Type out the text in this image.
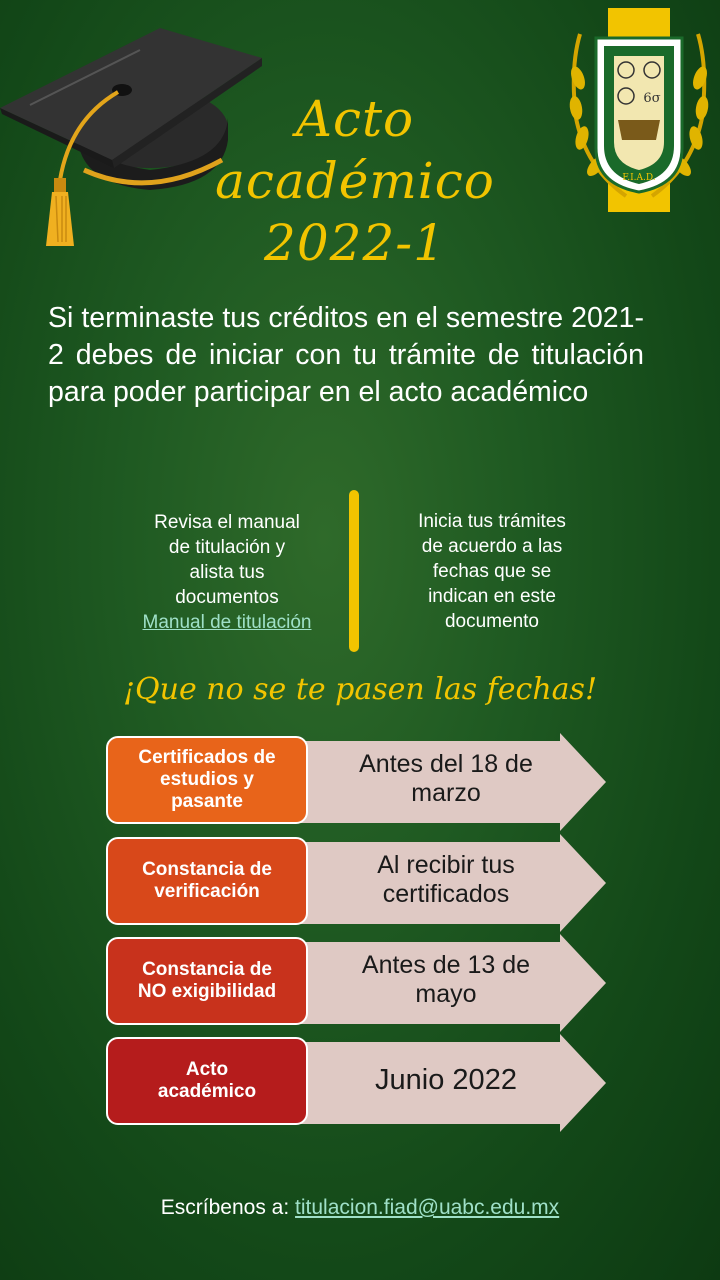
6σ
F.I.A.D.
Acto
académico
2022-1
Si terminaste tus créditos en el semestre 2021-2 debes de iniciar con tu trámite de titulación para poder participar en el acto académico
Revisa el manual
de titulación y
alista tus
documentos
Manual de titulación
Inicia tus trámites
de acuerdo a las
fechas que se
indican en este
documento
¡Que no se te pasen las fechas!
Antes del 18 de
marzo
Certificados de
estudios y
pasante
Al recibir tus
certificados
Constancia de
verificación
Antes de 13 de
mayo
Constancia de
NO exigibilidad
Junio 2022
Acto
académico
Escríbenos a: titulacion.fiad@uabc.edu.mx
